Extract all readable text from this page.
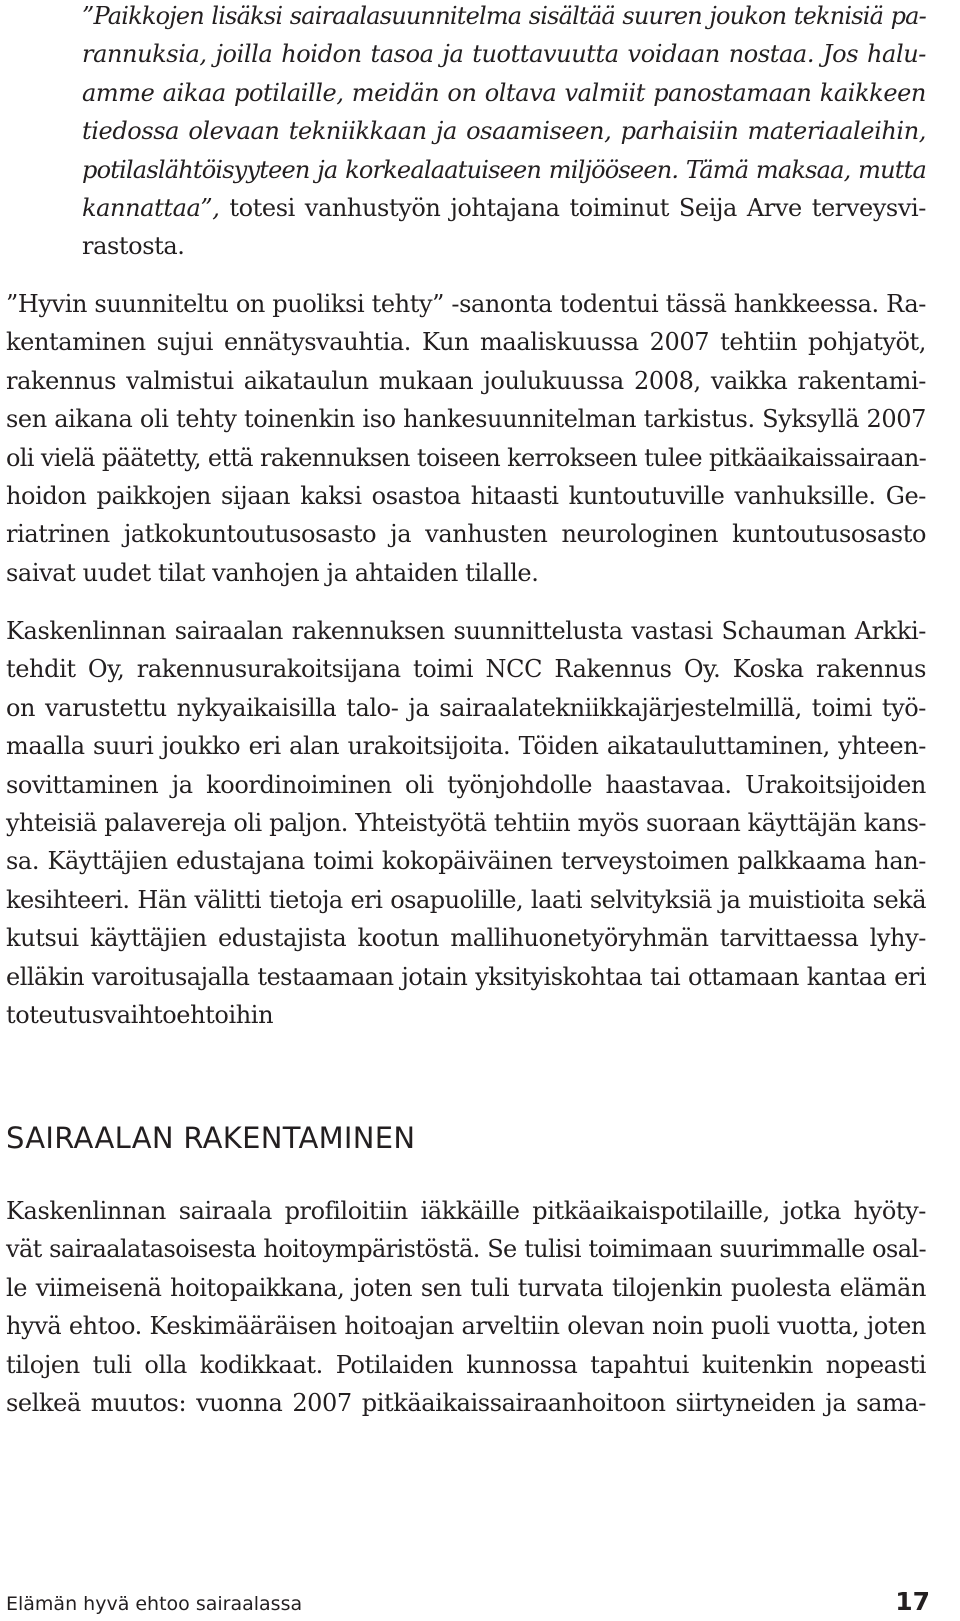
”Paikkojen lisäksi sairaalasuunnitelma sisältää suuren joukon teknisiä pa-
rannuksia, joilla hoidon tasoa ja tuottavuutta voidaan nostaa. Jos halu-
amme aikaa potilaille, meidän on oltava valmiit panostamaan kaikkeen
tiedossa olevaan tekniikkaan ja osaamiseen, parhaisiin materiaaleihin,
potilaslähtöisyyteen ja korkealaatuiseen miljööseen. Tämä maksaa, mutta
kannattaa”, totesi vanhustyön johtajana toiminut Seija Arve terveysvi-
rastosta.
”Hyvin suunniteltu on puoliksi tehty” -sanonta todentui tässä hankkeessa. Ra-
kentaminen sujui ennätysvauhtia. Kun maaliskuussa 2007 tehtiin pohjatyöt,
rakennus valmistui aikataulun mukaan joulukuussa 2008, vaikka rakentami-
sen aikana oli tehty toinenkin iso hankesuunnitelman tarkistus. Syksyllä 2007
oli vielä päätetty, että rakennuksen toiseen kerrokseen tulee pitkäaikaissairaan-
hoidon paikkojen sijaan kaksi osastoa hitaasti kuntoutuville vanhuksille. Ge-
riatrinen jatkokuntoutusosasto ja vanhusten neurologinen kuntoutusosasto
saivat uudet tilat vanhojen ja ahtaiden tilalle.
Kaskenlinnan sairaalan rakennuksen suunnittelusta vastasi Schauman Arkki-
tehdit Oy, rakennusurakoitsijana toimi NCC Rakennus Oy. Koska rakennus
on varustettu nykyaikaisilla talo- ja sairaalatekniikkajärjestelmillä, toimi työ-
maalla suuri joukko eri alan urakoitsijoita. Töiden aikatauluttaminen, yhteen-
sovittaminen ja koordinoiminen oli työnjohdolle haastavaa. Urakoitsijoiden
yhteisiä palavereja oli paljon. Yhteistyötä tehtiin myös suoraan käyttäjän kans-
sa. Käyttäjien edustajana toimi kokopäiväinen terveystoimen palkkaama han-
kesihteeri. Hän välitti tietoja eri osapuolille, laati selvityksiä ja muistioita sekä
kutsui käyttäjien edustajista kootun mallihuonetyöryhmän tarvittaessa lyhy-
elläkin varoitusajalla testaamaan jotain yksityiskohtaa tai ottamaan kantaa eri
toteutusvaihtoehtoihin
SAIRAALAN RAKENTAMINEN
Kaskenlinnan sairaala profiloitiin iäkkäille pitkäaikaispotilaille, jotka hyöty-
vät sairaalatasoisesta hoitoympäristöstä. Se tulisi toimimaan suurimmalle osal-
le viimeisenä hoitopaikkana, joten sen tuli turvata tilojenkin puolesta elämän
hyvä ehtoo. Keskimääräisen hoitoajan arveltiin olevan noin puoli vuotta, joten
tilojen tuli olla kodikkaat. Potilaiden kunnossa tapahtui kuitenkin nopeasti
selkeä muutos: vuonna 2007 pitkäaikaissairaanhoitoon siirtyneiden ja sama-
Elämän hyvä ehtoo sairaalassa	17
